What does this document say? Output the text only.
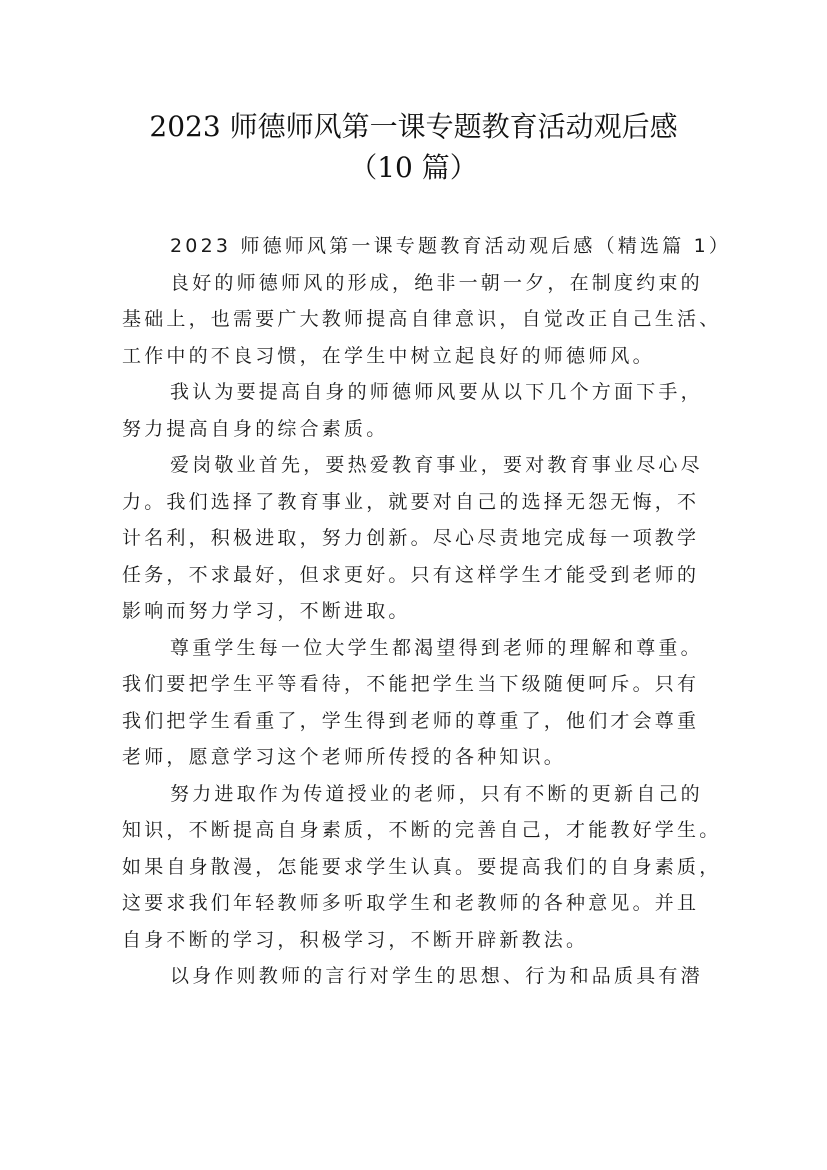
2023 师德师风第一课专题教育活动观后感
（10 篇）
2023 师德师风第一课专题教育活动观后感（精选篇 1）
良好的师德师风的形成，绝非一朝一夕，在制度约束的
基础上，也需要广大教师提高自律意识，自觉改正自己生活、
工作中的不良习惯，在学生中树立起良好的师德师风。
我认为要提高自身的师德师风要从以下几个方面下手，
努力提高自身的综合素质。
爱岗敬业首先，要热爱教育事业，要对教育事业尽心尽
力。我们选择了教育事业，就要对自己的选择无怨无悔，不
计名利，积极进取，努力创新。尽心尽责地完成每一项教学
任务，不求最好，但求更好。只有这样学生才能受到老师的
影响而努力学习，不断进取。
尊重学生每一位大学生都渴望得到老师的理解和尊重。
我们要把学生平等看待，不能把学生当下级随便呵斥。只有
我们把学生看重了，学生得到老师的尊重了，他们才会尊重
老师，愿意学习这个老师所传授的各种知识。
努力进取作为传道授业的老师，只有不断的更新自己的
知识，不断提高自身素质，不断的完善自己，才能教好学生。
如果自身散漫，怎能要求学生认真。要提高我们的自身素质，
这要求我们年轻教师多听取学生和老教师的各种意见。并且
自身不断的学习，积极学习，不断开辟新教法。
以身作则教师的言行对学生的思想、行为和品质具有潜
